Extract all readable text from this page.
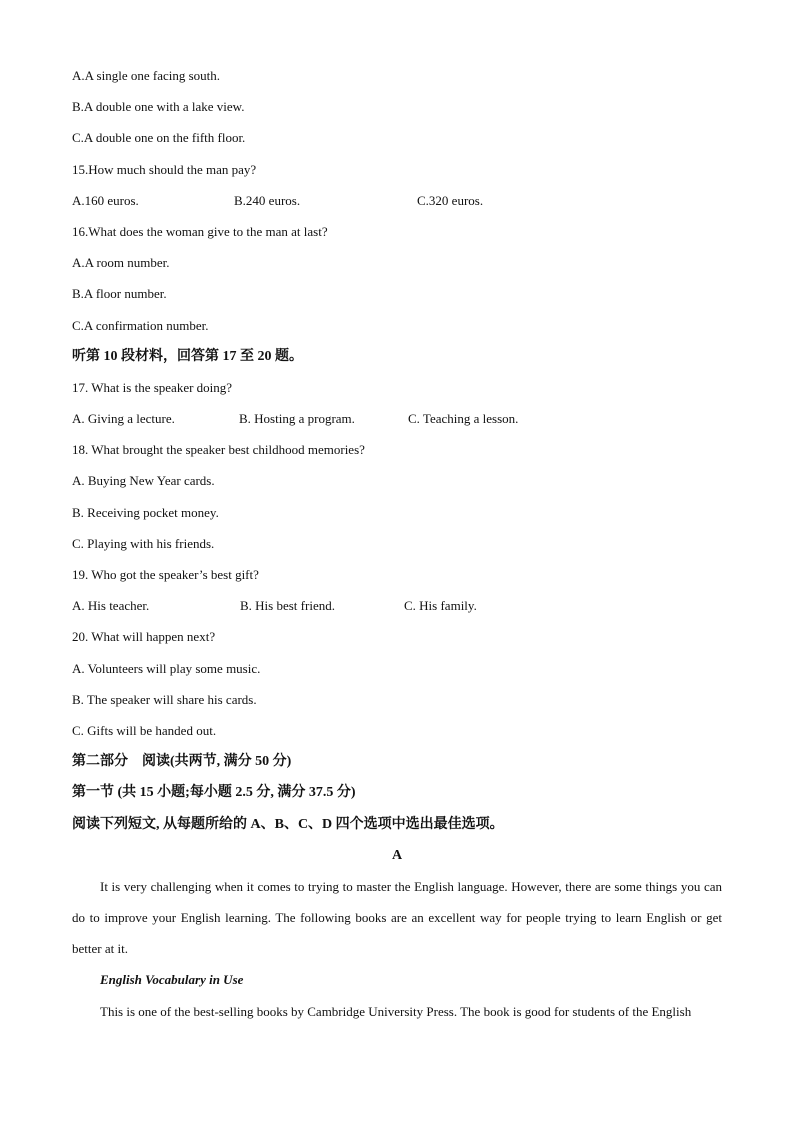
A.A single one facing south.
B.A double one with a lake view.
C.A double one on the fifth floor.
15.How much should the man pay?
A.160 euros.	B.240 euros.	C.320 euros.
16.What does the woman give to the man at last?
A.A room number.
B.A floor number.
C.A confirmation number.
听第 10 段材料，回答第 17 至 20 题。
17. What is the speaker doing?
A. Giving a lecture.	B. Hosting a program.	C. Teaching a lesson.
18. What brought the speaker best childhood memories?
A. Buying New Year cards.
B. Receiving pocket money.
C. Playing with his friends.
19. Who got the speaker’s best gift?
A. His teacher.	B. His best friend.	C. His family.
20. What will happen next?
A. Volunteers will play some music.
B. The speaker will share his cards.
C. Gifts will be handed out.
第二部分　阅读(共两节, 满分 50 分)
第一节 (共 15 小题;每小题 2.5 分, 满分 37.5 分)
阅读下列短文, 从每题所给的 A、B、C、D 四个选项中选出最佳选项。
A

It is very challenging when it comes to trying to master the English language. However, there are some things you can do to improve your English learning. The following books are an excellent way for people trying to learn English or get better at it.

English Vocabulary in Use

This is one of the best-selling books by Cambridge University Press. The book is good for students of the English
